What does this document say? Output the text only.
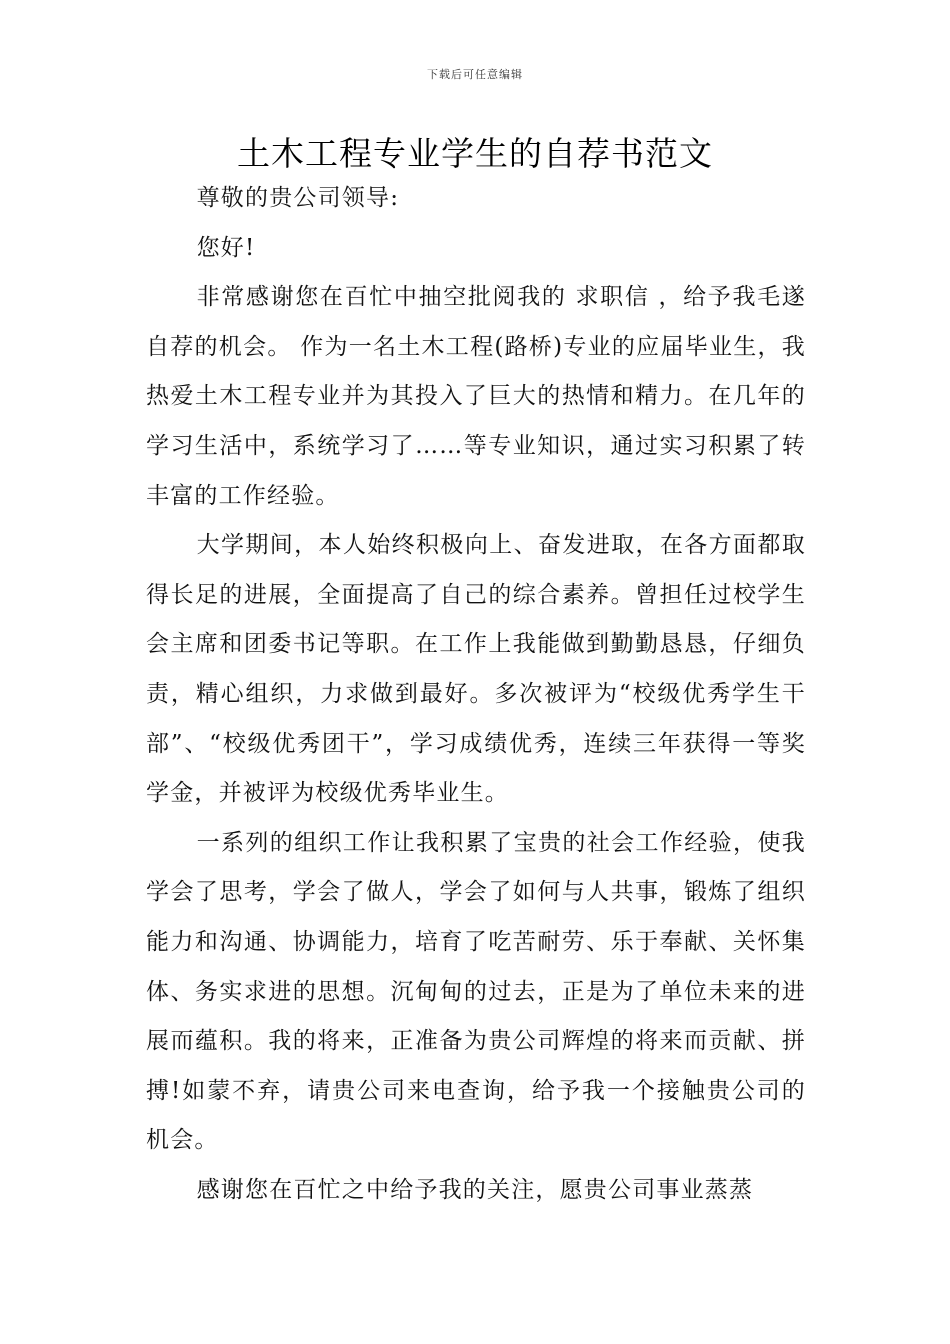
下载后可任意编辑
土木工程专业学生的自荐书范文

尊敬的贵公司领导:

您好!

非常感谢您在百忙中抽空批阅我的 求职信 ，给予我毛遂自荐的机会。 作为一名土木工程(路桥)专业的应届毕业生，我热爱土木工程专业并为其投入了巨大的热情和精力。在几年的学习生活中，系统学习了……等专业知识，通过实习积累了转丰富的工作经验。

大学期间，本人始终积极向上、奋发进取，在各方面都取得长足的进展，全面提高了自己的综合素养。曾担任过校学生会主席和团委书记等职。在工作上我能做到勤勤恳恳，仔细负责，精心组织，力求做到最好。多次被评为“校级优秀学生干部”、“校级优秀团干”，学习成绩优秀，连续三年获得一等奖学金，并被评为校级优秀毕业生。

一系列的组织工作让我积累了宝贵的社会工作经验，使我学会了思考，学会了做人，学会了如何与人共事，锻炼了组织能力和沟通、协调能力，培育了吃苦耐劳、乐于奉献、关怀集体、务实求进的思想。沉甸甸的过去，正是为了单位未来的进展而蕴积。我的将来，正准备为贵公司辉煌的将来而贡献、拼搏!如蒙不弃，请贵公司来电查询，给予我一个接触贵公司的机会。

感谢您在百忙之中给予我的关注，愿贵公司事业蒸蒸
